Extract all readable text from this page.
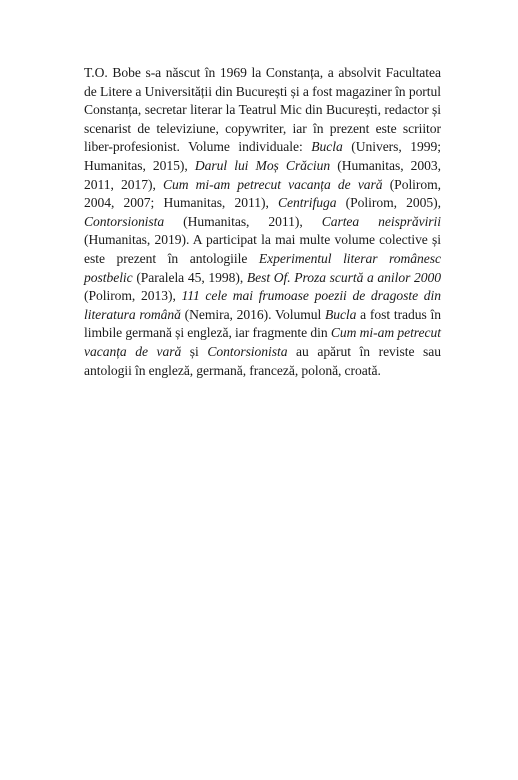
T.O. Bobe s-a născut în 1969 la Constanța, a absolvit Facultatea de Litere a Universității din București și a fost magaziner în portul Constanța, secretar literar la Teatrul Mic din București, redactor și scenarist de televiziune, copywriter, iar în prezent este scriitor liber-profesionist. Volume individuale: Bucla (Univers, 1999; Humanitas, 2015), Darul lui Moș Crăciun (Humanitas, 2003, 2011, 2017), Cum mi-am petrecut vacanța de vară (Polirom, 2004, 2007; Humanitas, 2011), Centrifuga (Polirom, 2005), Contorsionista (Humanitas, 2011), Cartea neisprăvirii (Humanitas, 2019). A participat la mai multe volume colective și este prezent în antologiile Experimentul literar românesc postbelic (Paralela 45, 1998), Best Of. Proza scurtă a anilor 2000 (Polirom, 2013), 111 cele mai frumoase poezii de dragoste din literatura română (Nemira, 2016). Volumul Bucla a fost tradus în limbile germană și engleză, iar fragmente din Cum mi-am petrecut vacanța de vară și Contorsionista au apărut în reviste sau antologii în engleză, germană, franceză, polonă, croată.
